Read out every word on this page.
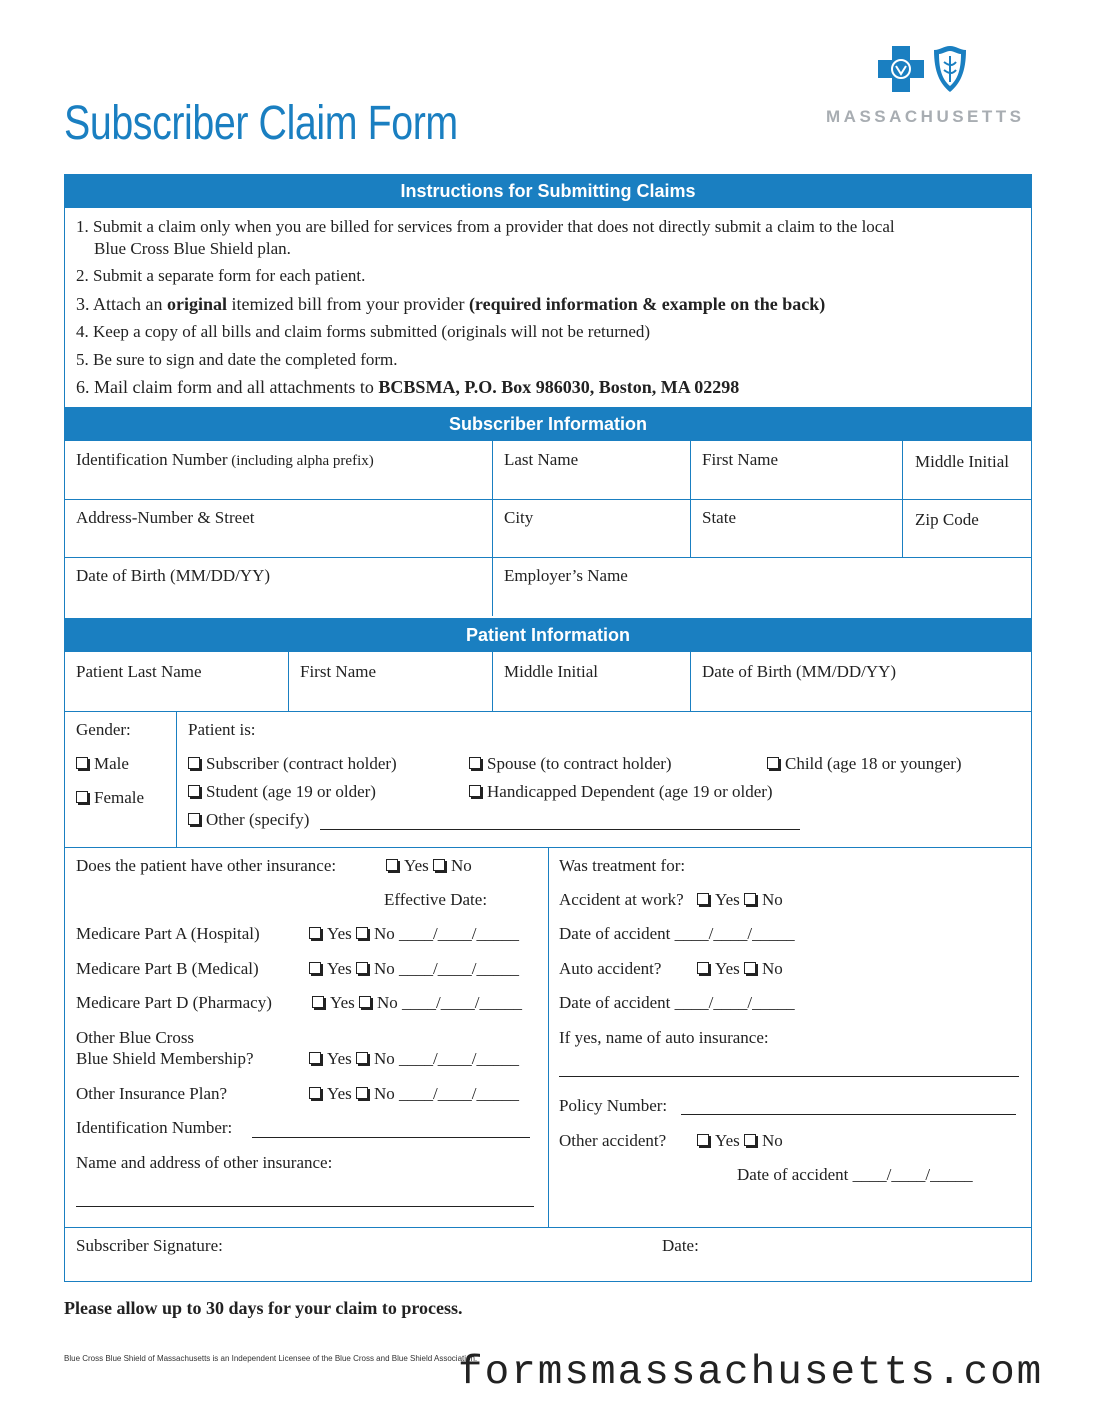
Subscriber Claim Form	MASSACHUSETTS
Instructions for Submitting Claims
1. Submit a claim only when you are billed for services from a provider that does not directly submit a claim to the local
Blue Cross Blue Shield plan.
2. Submit a separate form for each patient.
3. Attach an original itemized bill from your provider (required information & example on the back)
4. Keep a copy of all bills and claim forms submitted (originals will not be returned)
5. Be sure to sign and date the completed form.
6. Mail claim form and all attachments to BCBSMA, P.O. Box 986030, Boston, MA 02298
Subscriber Information
Identification Number (including alpha prefix)	Last Name	First Name	Middle Initial
Address-Number & Street	City	State	Zip Code
Date of Birth (MM/DD/YY)	Employer’s Name
Patient Information
Patient Last Name	First Name	Middle Initial	Date of Birth (MM/DD/YY)
Gender:
Male
Female
Patient is:
Subscriber (contract holder)	Spouse (to contract holder)	Child (age 18 or younger)
Student (age 19 or older)	Handicapped Dependent (age 19 or older)
Other (specify)
Does the patient have other insurance:	Yes No
Effective Date:
Medicare Part A (Hospital)	Yes No ____/____/_____
Medicare Part B (Medical)	Yes No ____/____/_____
Medicare Part D (Pharmacy)	Yes No ____/____/_____
Other Blue Cross
Blue Shield Membership?	Yes No ____/____/_____
Other Insurance Plan?	Yes No ____/____/_____
Identification Number:
Name and address of other insurance:
Was treatment for:
Accident at work?	Yes No
Date of accident ____/____/_____
Auto accident?	Yes No
Date of accident ____/____/_____
If yes, name of auto insurance:
Policy Number:
Other accident?	Yes No
Date of accident ____/____/_____
Subscriber Signature:	Date:
Please allow up to 30 days for your claim to process.
Blue Cross Blue Shield of Massachusetts is an Independent Licensee of the Blue Cross and Blue Shield Association.
formsmassachusetts.com
